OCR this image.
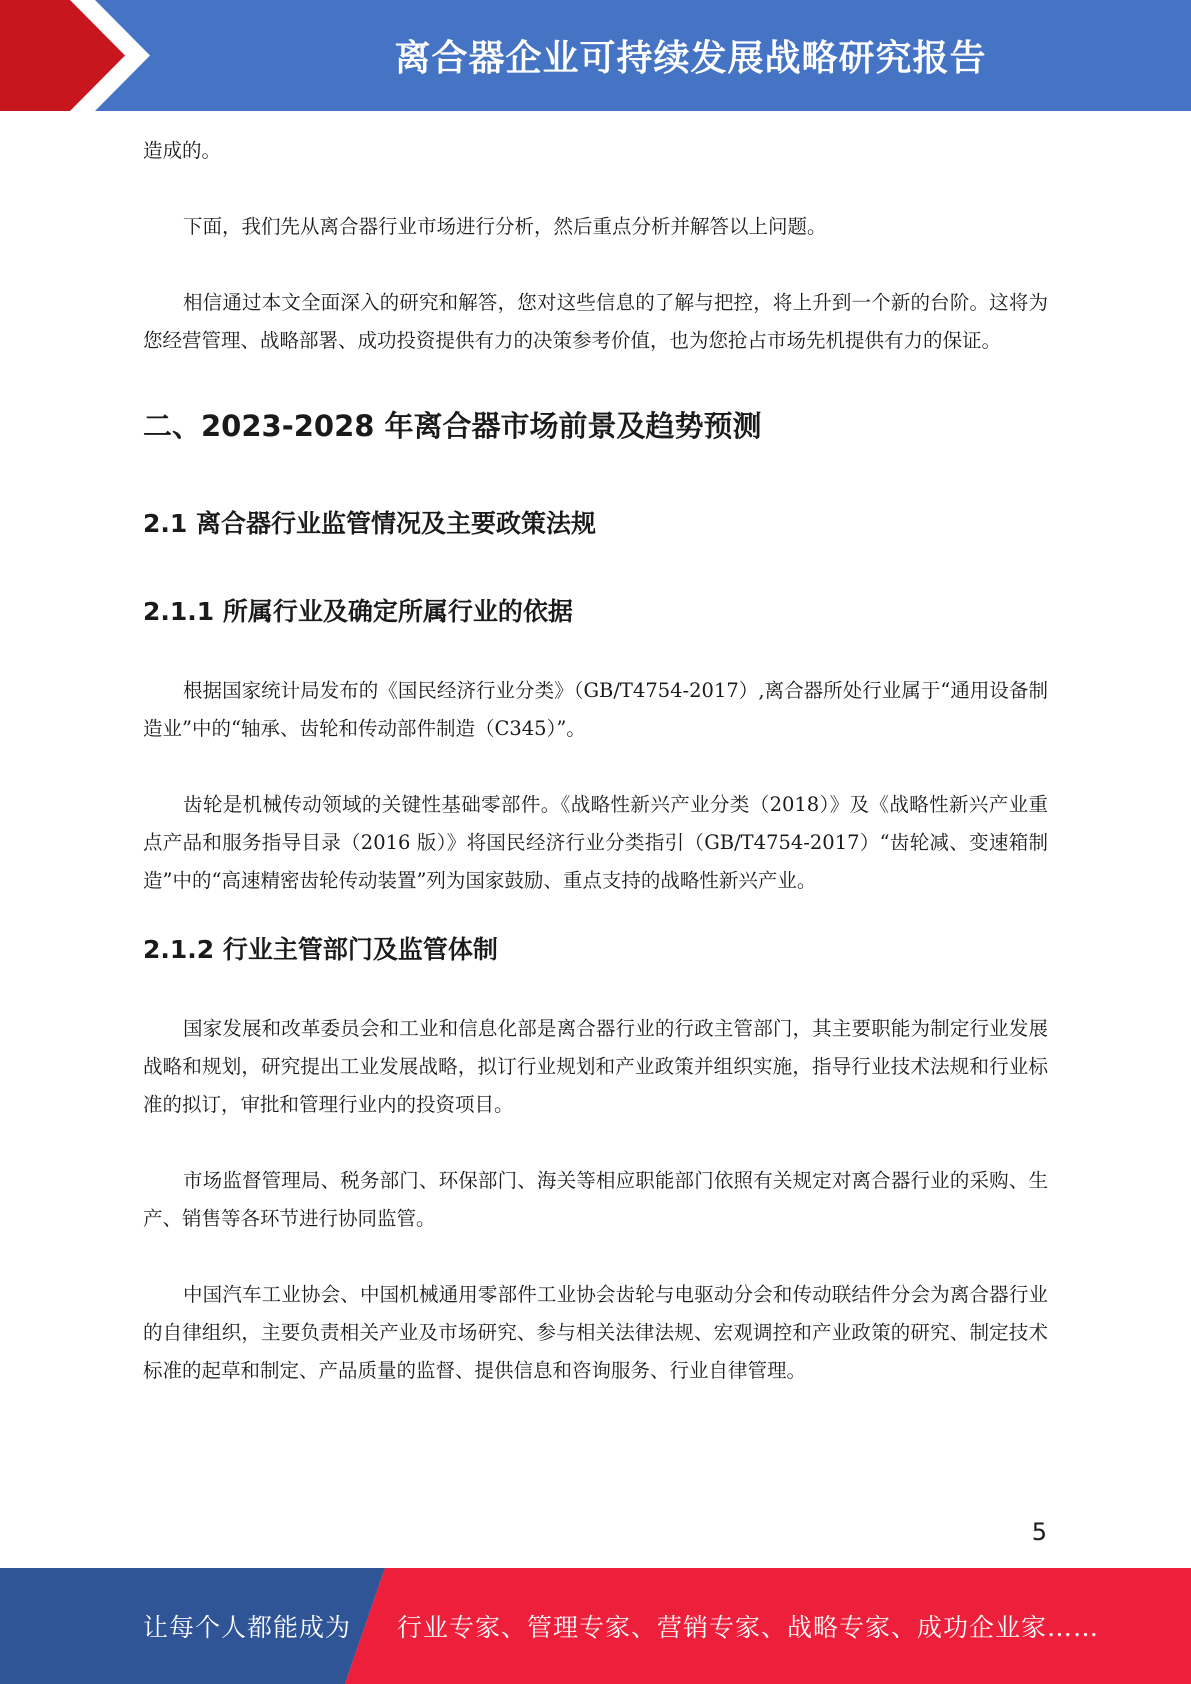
离合器企业可持续发展战略研究报告

造成的。

下面，我们先从离合器行业市场进行分析，然后重点分析并解答以上问题。

相信通过本文全面深入的研究和解答，您对这些信息的了解与把控，将上升到一个新的台阶。这将为您经营管理、战略部署、成功投资提供有力的决策参考价值，也为您抢占市场先机提供有力的保证。

二、2023-2028 年离合器市场前景及趋势预测
2.1 离合器行业监管情况及主要政策法规
2.1.1 所属行业及确定所属行业的依据

根据国家统计局发布的《国民经济行业分类》（GB/T4754-2017）,离合器所处行业属于“通用设备制造业”中的“轴承、齿轮和传动部件制造（C345）”。

齿轮是机械传动领域的关键性基础零部件。《战略性新兴产业分类（2018）》及《战略性新兴产业重点产品和服务指导目录（2016 版）》将国民经济行业分类指引（GB/T4754-2017）“齿轮减、变速箱制造”中的“高速精密齿轮传动装置”列为国家鼓励、重点支持的战略性新兴产业。

2.1.2 行业主管部门及监管体制

国家发展和改革委员会和工业和信息化部是离合器行业的行政主管部门，其主要职能为制定行业发展战略和规划，研究提出工业发展战略，拟订行业规划和产业政策并组织实施，指导行业技术法规和行业标准的拟订，审批和管理行业内的投资项目。

市场监督管理局、税务部门、环保部门、海关等相应职能部门依照有关规定对离合器行业的采购、生产、销售等各环节进行协同监管。

中国汽车工业协会、中国机械通用零部件工业协会齿轮与电驱动分会和传动联结件分会为离合器行业的自律组织，主要负责相关产业及市场研究、参与相关法律法规、宏观调控和产业政策的研究、制定技术标准的起草和制定、产品质量的监督、提供信息和咨询服务、行业自律管理。

5
让每个人都能成为 行业专家、管理专家、营销专家、战略专家、成功企业家……
